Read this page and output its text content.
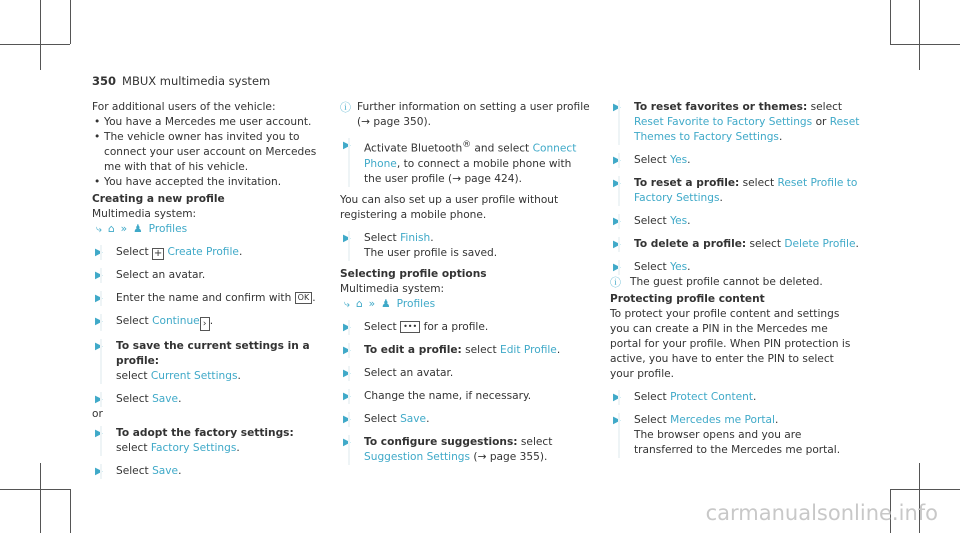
350 MBUX multimedia system
For additional users of the vehicle:
• You have a Mercedes me user account.
• The vehicle owner has invited you to connect your user account on Mercedes me with that of his vehicle.
• You have accepted the invitation.
Creating a new profile
Multimedia system:
⤷ ⌂ » ♟ Profiles
▶	Select + Create Profile.
▶	Select an avatar.
▶	Enter the name and confirm with OK .
▶	Select Continue › .
▶	To save the current settings in a profile:
select Current Settings.
▶	Select Save.
or
▶	To adopt the factory settings: select Factory Settings.
▶	Select Save.
ⓘ Further information on setting a user profile (→ page 350).
▶	Activate Bluetooth® and select Connect Phone, to connect a mobile phone with the user profile (→ page 424).
You can also set up a user profile without registering a mobile phone.
▶	Select Finish.
The user profile is saved.
Selecting profile options
Multimedia system:
⤷ ⌂ » ♟ Profiles
▶	Select ••• for a profile.
▶	To edit a profile: select Edit Profile.
▶	Select an avatar.
▶	Change the name, if necessary.
▶	Select Save.
▶	To configure suggestions: select Suggestion Settings (→ page 355).
▶	To reset favorites or themes: select Reset Favorite to Factory Settings or Reset Themes to Factory Settings.
▶	Select Yes.
▶	To reset a profile: select Reset Profile to Factory Settings.
▶	Select Yes.
▶	To delete a profile: select Delete Profile.
▶	Select Yes.
ⓘ The guest profile cannot be deleted.
Protecting profile content
To protect your profile content and settings you can create a PIN in the Mercedes me portal for your profile. When PIN protection is active, you have to enter the PIN to select your profile.
▶	Select Protect Content.
▶	Select Mercedes me Portal.
The browser opens and you are transferred to the Mercedes me portal.
carmanualsonline.info
